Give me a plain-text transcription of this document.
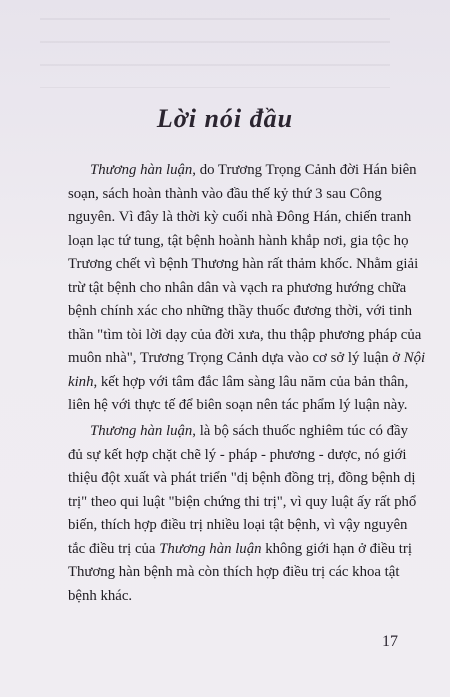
Lời nói đầu
Thương hàn luận, do Trương Trọng Cảnh đời Hán biên
soạn, sách hoàn thành vào đầu thế kỷ thứ 3 sau Công
nguyên. Vì đây là thời kỳ cuối nhà Đông Hán, chiến tranh
loạn lạc tứ tung, tật bệnh hoành hành khắp nơi, gia tộc họ
Trương chết vì bệnh Thương hàn rất thảm khốc. Nhằm giải
trừ tật bệnh cho nhân dân và vạch ra phương hướng chữa
bệnh chính xác cho những thầy thuốc đương thời, với tinh
thần "tìm tòi lời dạy của đời xưa, thu thập phương pháp của
muôn nhà", Trương Trọng Cảnh dựa vào cơ sở lý luận ở Nội
kinh, kết hợp với tâm đắc lâm sàng lâu năm của bản thân,
liên hệ với thực tế để biên soạn nên tác phẩm lý luận này.
Thương hàn luận, là bộ sách thuốc nghiêm túc có đầy
đủ sự kết hợp chặt chẽ lý - pháp - phương - dược, nó giới
thiệu đột xuất và phát triển "dị bệnh đồng trị, đồng bệnh dị
trị" theo qui luật "biện chứng thi trị", vì quy luật ấy rất phổ
biến, thích hợp điều trị nhiều loại tật bệnh, vì vậy nguyên
tắc điều trị của Thương hàn luận không giới hạn ở điều trị
Thương hàn bệnh mà còn thích hợp điều trị các khoa tật
bệnh khác.
17
